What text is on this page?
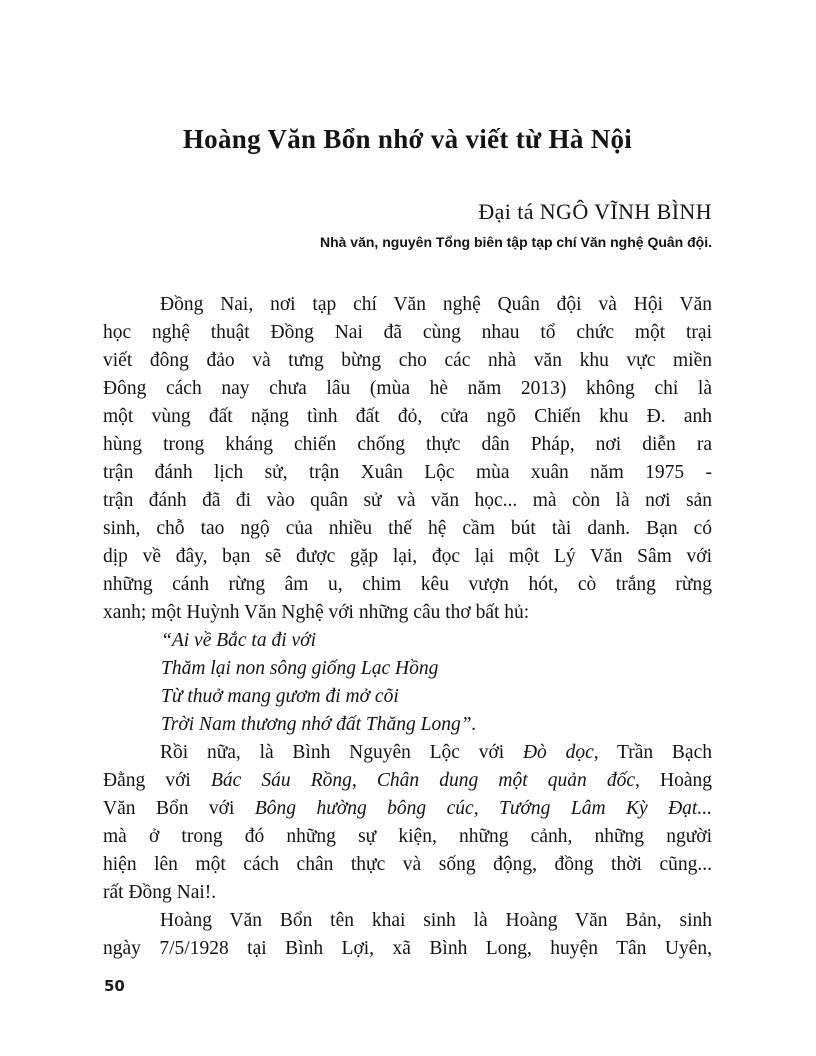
Hoàng Văn Bổn nhớ và viết từ Hà Nội
Đại tá NGÔ VĨNH BÌNH
Nhà văn, nguyên Tổng biên tập tạp chí Văn nghệ Quân đội.
Đồng Nai, nơi tạp chí Văn nghệ Quân đội và Hội Văn
học nghệ thuật Đồng Nai đã cùng nhau tổ chức một trại
viết đông đảo và tưng bừng cho các nhà văn khu vực miền
Đông cách nay chưa lâu (mùa hè năm 2013) không chỉ là
một vùng đất nặng tình đất đỏ, cửa ngõ Chiến khu Đ. anh
hùng trong kháng chiến chống thực dân Pháp, nơi diễn ra
trận đánh lịch sử, trận Xuân Lộc mùa xuân năm 1975 -
trận đánh đã đi vào quân sử và văn học... mà còn là nơi sản
sinh, chỗ tao ngộ của nhiều thế hệ cầm bút tài danh. Bạn có
dịp về đây, bạn sẽ được gặp lại, đọc lại một Lý Văn Sâm với
những cánh rừng âm u, chim kêu vượn hót, cò trắng rừng
xanh; một Huỳnh Văn Nghệ với những câu thơ bất hủ:
“Ai về Bắc ta đi với
Thăm lại non sông giống Lạc Hồng
Từ thuở mang gươm đi mở cõi
Trời Nam thương nhớ đất Thăng Long”.
Rồi nữa, là Bình Nguyên Lộc với Đò dọc, Trần Bạch
Đằng với Bác Sáu Rồng, Chân dung một quản đốc, Hoàng
Văn Bổn với Bông hường bông cúc, Tướng Lâm Kỳ Đạt...
mà ở trong đó những sự kiện, những cảnh, những người
hiện lên một cách chân thực và sống động, đồng thời cũng...
rất Đồng Nai!.
Hoàng Văn Bổn tên khai sinh là Hoàng Văn Bản, sinh
ngày 7/5/1928 tại Bình Lợi, xã Bình Long, huyện Tân Uyên,
50
